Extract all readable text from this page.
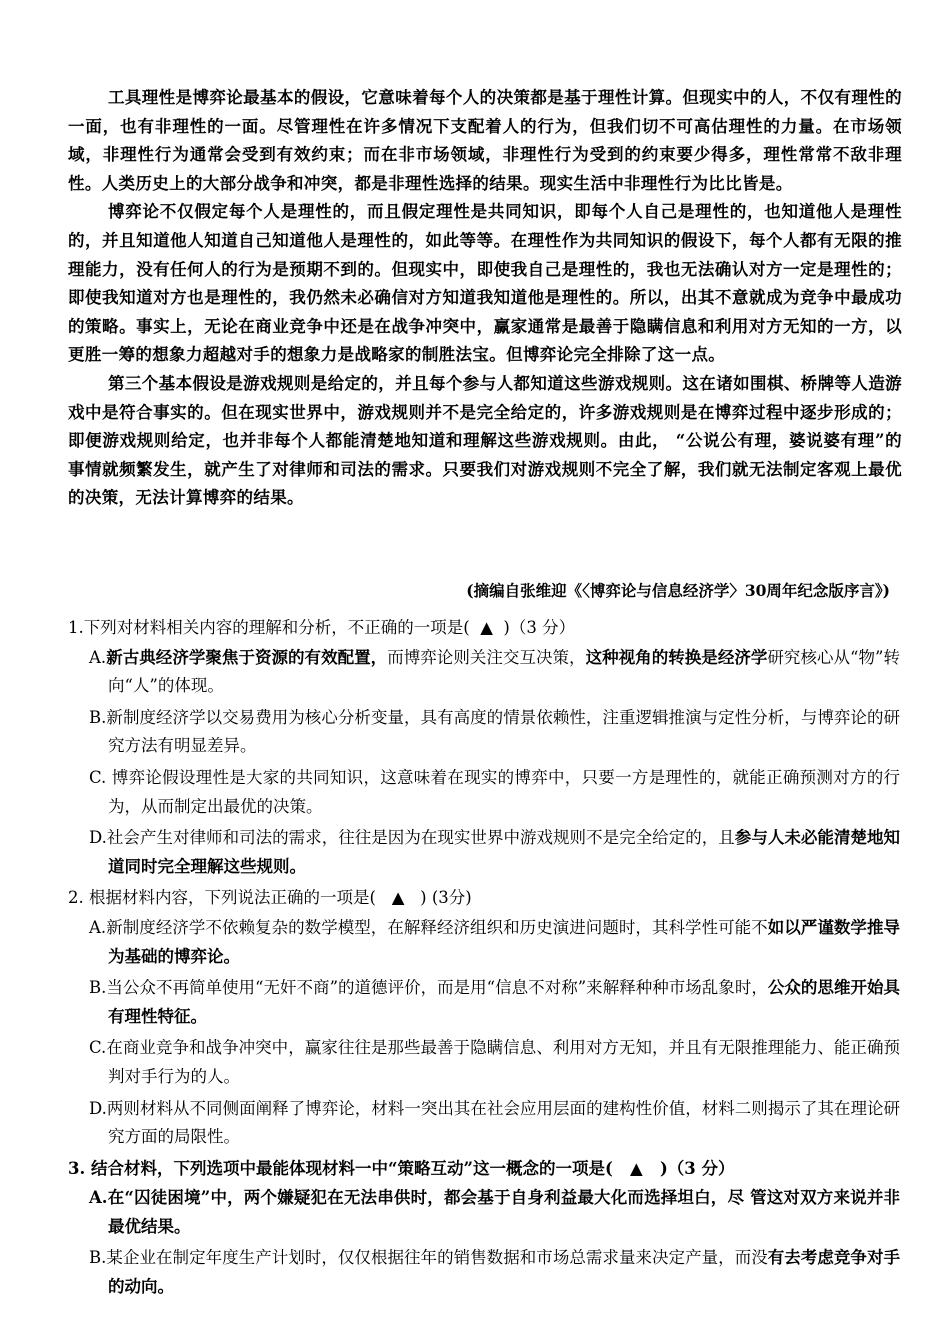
工具理性是博弈论最基本的假设，它意味着每个人的决策都是基于理性计算。但现实中的人，不仅有理性的一面，也有非理性的一面。尽管理性在许多情况下支配着人的行为，但我们切不可高估理性的力量。在市场领域，非理性行为通常会受到有效约束；而在非市场领域，非理性行为受到的约束要少得多，理性常常不敌非理性。人类历史上的大部分战争和冲突，都是非理性选择的结果。现实生活中非理性行为比比皆是。

博弈论不仅假定每个人是理性的，而且假定理性是共同知识，即每个人自己是理性的，也知道他人是理性的，并且知道他人知道自己知道他人是理性的，如此等等。在理性作为共同知识的假设下，每个人都有无限的推理能力，没有任何人的行为是预期不到的。但现实中，即使我自己是理性的，我也无法确认对方一定是理性的；即使我知道对方也是理性的，我仍然未必确信对方知道我知道他是理性的。所以，出其不意就成为竞争中最成功的策略。事实上，无论在商业竞争中还是在战争冲突中，赢家通常是最善于隐瞒信息和利用对方无知的一方，以更胜一筹的想象力超越对手的想象力是战略家的制胜法宝。但博弈论完全排除了这一点。

第三个基本假设是游戏规则是给定的，并且每个参与人都知道这些游戏规则。这在诸如围棋、桥牌等人造游戏中是符合事实的。但在现实世界中，游戏规则并不是完全给定的，许多游戏规则是在博弈过程中逐步形成的；即便游戏规则给定，也并非每个人都能清楚地知道和理解这些游戏规则。由此， “公说公有理，婆说婆有理”的事情就频繁发生，就产生了对律师和司法的需求。只要我们对游戏规则不完全了解，我们就无法制定客观上最优的决策，无法计算博弈的结果。

(摘编自张维迎《〈博弈论与信息经济学〉30周年纪念版序言》)
1.下列对材料相关内容的理解和分析，不正确的一项是( ▲ )（3 分）
A.新古典经济学聚焦于资源的有效配置，而博弈论则关注交互决策，这种视角的转换是经济学研究核心从“物”转向“人”的体现。
B.新制度经济学以交易费用为核心分析变量，具有高度的情景依赖性，注重逻辑推演与定性分析，与博弈论的研究方法有明显差异。
C. 博弈论假设理性是大家的共同知识，这意味着在现实的博弈中，只要一方是理性的，就能正确预测对方的行为，从而制定出最优的决策。
D.社会产生对律师和司法的需求，往往是因为在现实世界中游戏规则不是完全给定的，且参与人未必能清楚地知道同时完全理解这些规则。
2. 根据材料内容，下列说法正确的一项是( ▲ ) (3分)
A.新制度经济学不依赖复杂的数学模型，在解释经济组织和历史演进问题时，其科学性可能不如以严谨数学推导为基础的博弈论。
B.当公众不再简单使用“无奸不商”的道德评价，而是用“信息不对称”来解释种种市场乱象时，公众的思维开始具有理性特征。
C.在商业竞争和战争冲突中，赢家往往是那些最善于隐瞒信息、利用对方无知，并且有无限推理能力、能正确预判对手行为的人。
D.两则材料从不同侧面阐释了博弈论，材料一突出其在社会应用层面的建构性价值，材料二则揭示了其在理论研究方面的局限性。
3. 结合材料，下列选项中最能体现材料一中“策略互动”这一概念的一项是( ▲ )（3 分）
A.在“囚徒困境”中，两个嫌疑犯在无法串供时，都会基于自身利益最大化而选择坦白，尽 管这对双方来说并非最优结果。
B.某企业在制定年度生产计划时，仅仅根据往年的销售数据和市场总需求量来决定产量，而没有去考虑竞争对手的动向。
